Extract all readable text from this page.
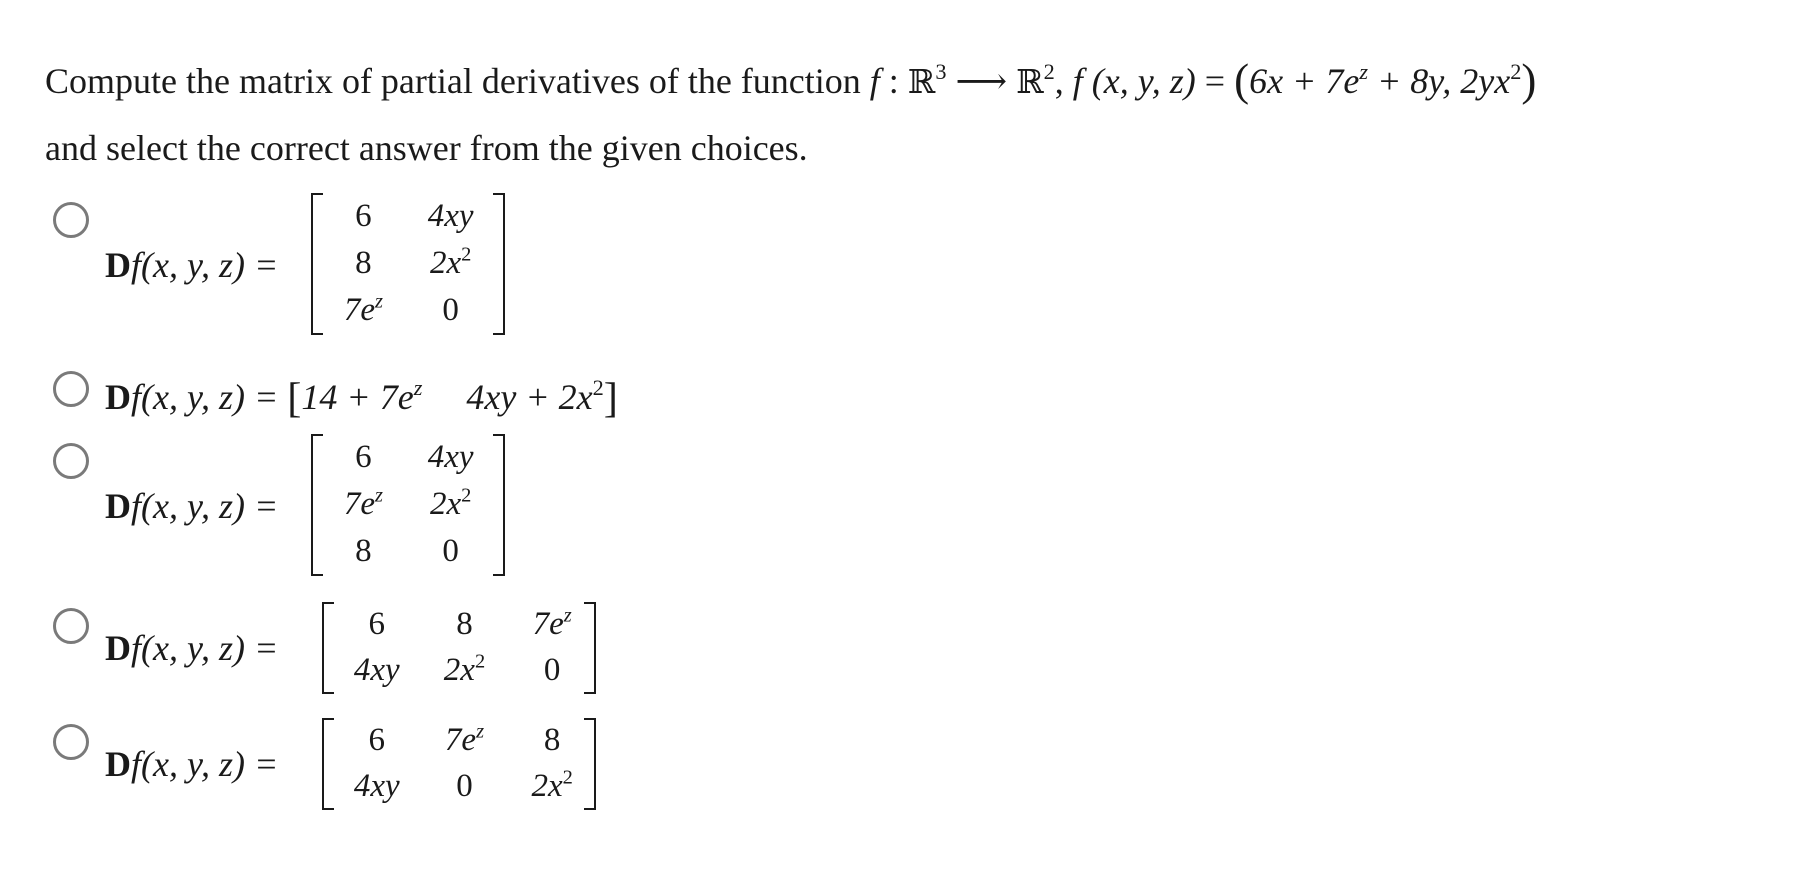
Compute the matrix of partial derivatives of the function f : ℝ$^3$ ⟶ ℝ$^2$, f (x, y, $z) = (6x + 7e^z + 8y$, $2yx^2$)
and select the correct answer from the given choices.
Df(x, y, z) =
6 4xy
8 $2x^2$
$7e^z$ 0
Df(x, y, $z) = [14 + 7e^z$ $4xy + 2x^2$]
Df(x, y, z) =
6 4xy
$7e^z$ $2x^2$
8 0
Df(x, y, z) =
6 8 $7e^z$
4xy $2x^2$ 0
Df(x, y, z) =
6 $7e^z$ 8
4xy 0 $2x^2$
